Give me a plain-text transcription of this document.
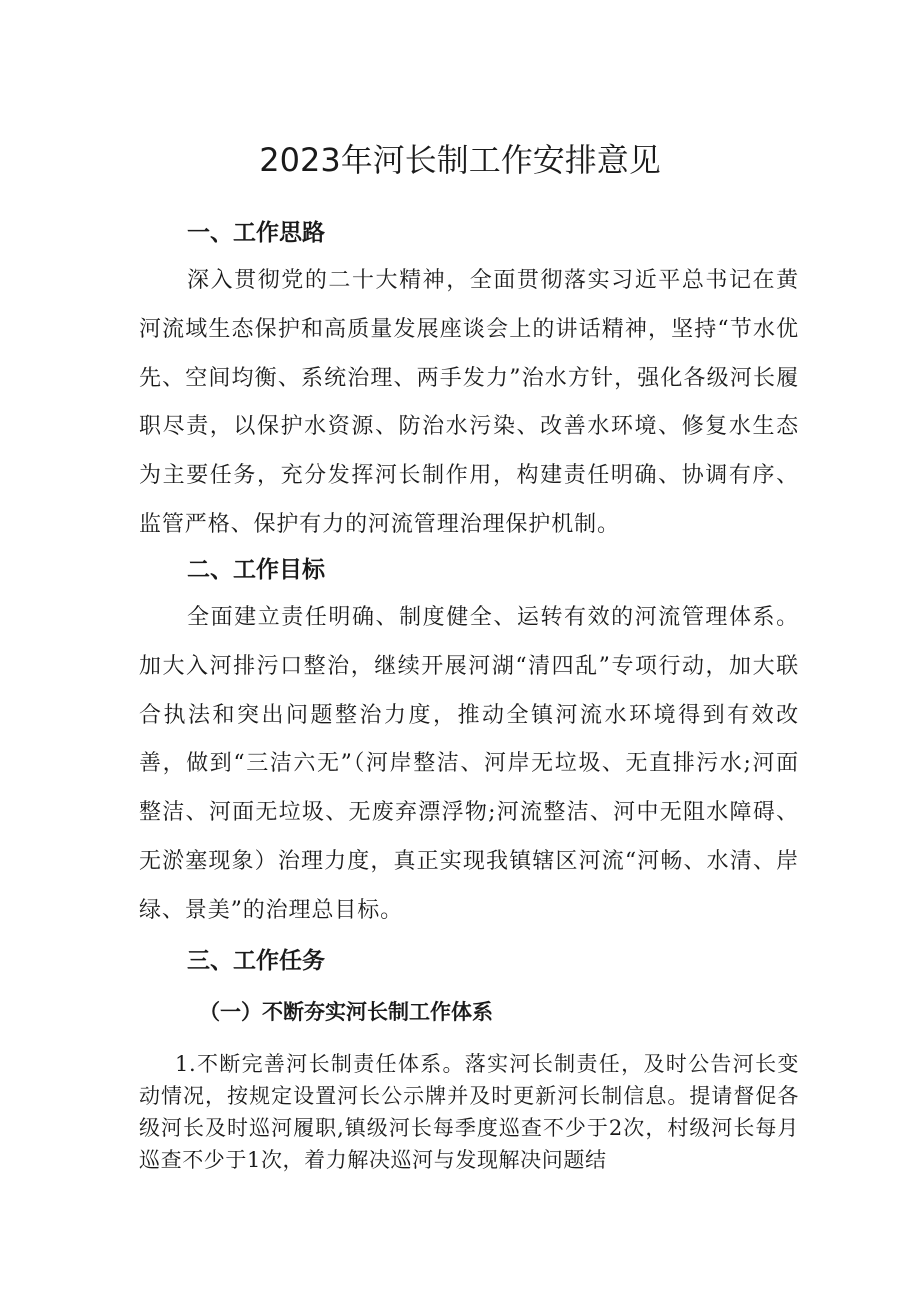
2023年河长制工作安排意见
一、工作思路

深入贯彻党的二十大精神，全面贯彻落实习近平总书记在黄河流域生态保护和高质量发展座谈会上的讲话精神，坚持“节水优先、空间均衡、系统治理、两手发力”治水方针，强化各级河长履职尽责，以保护水资源、防治水污染、改善水环境、修复水生态为主要任务，充分发挥河长制作用，构建责任明确、协调有序、监管严格、保护有力的河流管理治理保护机制。

二、工作目标

全面建立责任明确、制度健全、运转有效的河流管理体系。加大入河排污口整治，继续开展河湖“清四乱”专项行动，加大联合执法和突出问题整治力度，推动全镇河流水环境得到有效改善，做到“三洁六无”（河岸整洁、河岸无垃圾、无直排污水;河面整洁、河面无垃圾、无废弃漂浮物;河流整洁、河中无阻水障碍、无淤塞现象）治理力度，真正实现我镇辖区河流“河畅、水清、岸绿、景美”的治理总目标。

三、工作任务
（一）不断夯实河长制工作体系

1.不断完善河长制责任体系。落实河长制责任，及时公告河长变动情况，按规定设置河长公示牌并及时更新河长制信息。提请督促各级河长及时巡河履职,镇级河长每季度巡查不少于2次，村级河长每月巡查不少于1次，着力解决巡河与发现解决问题结
